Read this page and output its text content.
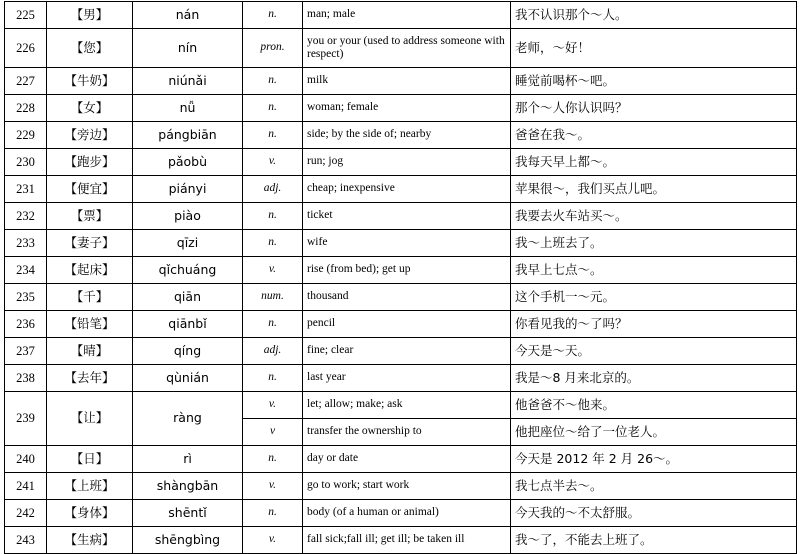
225	【男】	nán	n.	man; male	我不认识那个～人。
226	【您】	nín	pron.	you or your (used to address someone with respect)	老师，～好！
227	【牛奶】	niúnǎi	n.	milk	睡觉前喝杯～吧。
228	【女】	nǚ	n.	woman; female	那个～人你认识吗？
229	【旁边】	pángbiān	n.	side; by the side of; nearby	爸爸在我～。
230	【跑步】	pǎobù	v.	run; jog	我每天早上都～。
231	【便宜】	piányi	adj.	cheap; inexpensive	苹果很～，我们买点儿吧。
232	【票】	piào	n.	ticket	我要去火车站买～。
233	【妻子】	qīzi	n.	wife	我～上班去了。
234	【起床】	qǐchuáng	v.	rise (from bed); get up	我早上七点～。
235	【千】	qiān	num.	thousand	这个手机一～元。
236	【铅笔】	qiānbǐ	n.	pencil	你看见我的～了吗？
237	【晴】	qíng	adj.	fine; clear	今天是～天。
238	【去年】	qùnián	n.	last year	我是～8 月来北京的。
239	【让】	ràng	v.	let; allow; make; ask	他爸爸不～他来。
			v	transfer the ownership to	他把座位～给了一位老人。
240	【日】	rì	n.	day or date	今天是 2012 年 2 月 26～。
241	【上班】	shàngbān	v.	go to work; start work	我七点半去～。
242	【身体】	shēntǐ	n.	body (of a human or animal)	今天我的～不太舒服。
243	【生病】	shēngbìng	v.	fall sick;fall ill; get ill; be taken ill	我～了，不能去上班了。
